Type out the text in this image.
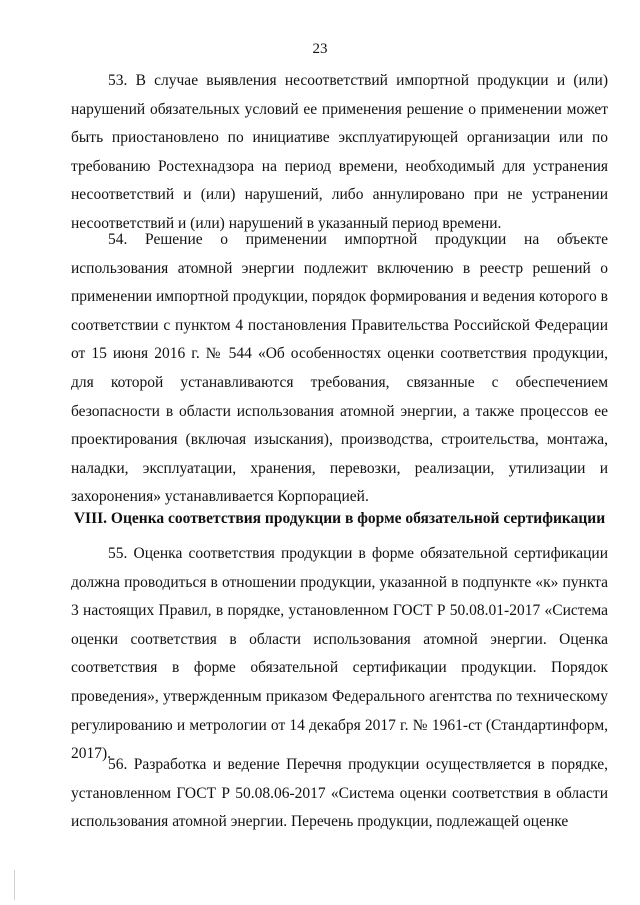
23

53. В случае выявления несоответствий импортной продукции и (или) нарушений обязательных условий ее применения решение о применении может быть приостановлено по инициативе эксплуатирующей организации или по требованию Ростехнадзора на период времени, необходимый для устранения несоответствий и (или) нарушений, либо аннулировано при не устранении несоответствий и (или) нарушений в указанный период времени.

54. Решение о применении импортной продукции на объекте использования атомной энергии подлежит включению в реестр решений о применении импортной продукции, порядок формирования и ведения которого в соответствии с пунктом 4 постановления Правительства Российской Федерации от 15 июня 2016 г. № 544 «Об особенностях оценки соответствия продукции, для которой устанавливаются требования, связанные с обеспечением безопасности в области использования атомной энергии, а также процессов ее проектирования (включая изыскания), производства, строительства, монтажа, наладки, эксплуатации, хранения, перевозки, реализации, утилизации и захоронения» устанавливается Корпорацией.

VIII. Оценка соответствия продукции в форме обязательной сертификации

55. Оценка соответствия продукции в форме обязательной сертификации должна проводиться в отношении продукции, указанной в подпункте «к» пункта 3 настоящих Правил, в порядке, установленном ГОСТ Р 50.08.01-2017 «Система оценки соответствия в области использования атомной энергии. Оценка соответствия в форме обязательной сертификации продукции. Порядок проведения», утвержденным приказом Федерального агентства по техническому регулированию и метрологии от 14 декабря 2017 г. № 1961-ст (Стандартинформ, 2017).

56. Разработка и ведение Перечня продукции осуществляется в порядке, установленном ГОСТ Р 50.08.06-2017 «Система оценки соответствия в области использования атомной энергии. Перечень продукции, подлежащей оценке
